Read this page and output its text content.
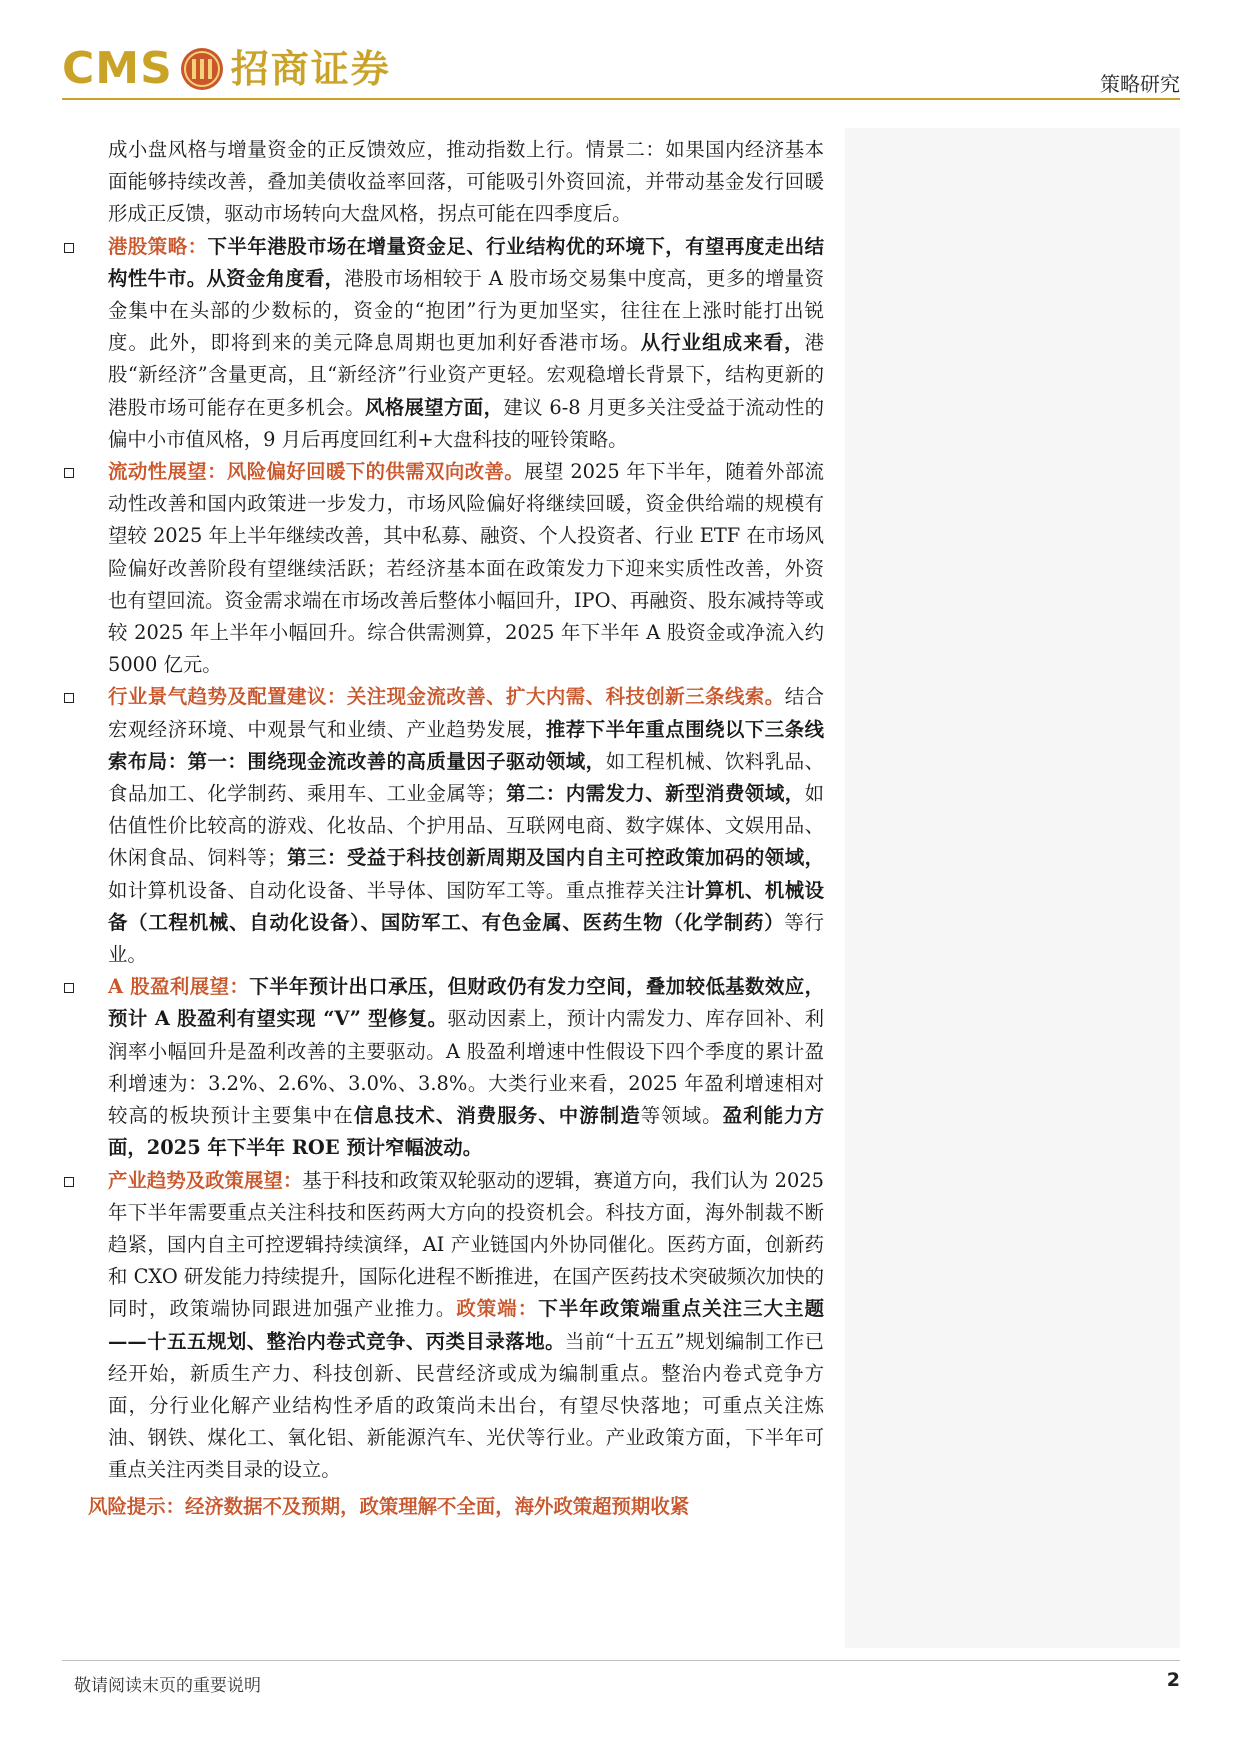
CMS 招商证券	策略研究

成小盘风格与增量资金的正反馈效应，推动指数上行。情景二：如果国内经济基本面能够持续改善，叠加美债收益率回落，可能吸引外资回流，并带动基金发行回暖形成正反馈，驱动市场转向大盘风格，拐点可能在四季度后。

港股策略：下半年港股市场在增量资金足、行业结构优的环境下，有望再度走出结构性牛市。从资金角度看，港股市场相较于 A 股市场交易集中度高，更多的增量资金集中在头部的少数标的，资金的“抱团”行为更加坚实，往往在上涨时能打出锐度。此外，即将到来的美元降息周期也更加利好香港市场。从行业组成来看，港股“新经济”含量更高，且“新经济”行业资产更轻。宏观稳增长背景下，结构更新的港股市场可能存在更多机会。风格展望方面，建议 6-8 月更多关注受益于流动性的偏中小市值风格，9 月后再度回红利+大盘科技的哑铃策略。

流动性展望：风险偏好回暖下的供需双向改善。展望 2025 年下半年，随着外部流动性改善和国内政策进一步发力，市场风险偏好将继续回暖，资金供给端的规模有望较 2025 年上半年继续改善，其中私募、融资、个人投资者、行业 ETF 在市场风险偏好改善阶段有望继续活跃；若经济基本面在政策发力下迎来实质性改善，外资也有望回流。资金需求端在市场改善后整体小幅回升，IPO、再融资、股东减持等或较 2025 年上半年小幅回升。综合供需测算，2025 年下半年 A 股资金或净流入约 5000 亿元。

行业景气趋势及配置建议：关注现金流改善、扩大内需、科技创新三条线索。结合宏观经济环境、中观景气和业绩、产业趋势发展，推荐下半年重点围绕以下三条线索布局：第一：围绕现金流改善的高质量因子驱动领域，如工程机械、饮料乳品、食品加工、化学制药、乘用车、工业金属等；第二：内需发力、新型消费领域，如估值性价比较高的游戏、化妆品、个护用品、互联网电商、数字媒体、文娱用品、休闲食品、饲料等；第三：受益于科技创新周期及国内自主可控政策加码的领域，如计算机设备、自动化设备、半导体、国防军工等。重点推荐关注计算机、机械设备（工程机械、自动化设备）、国防军工、有色金属、医药生物（化学制药）等行业。

A 股盈利展望：下半年预计出口承压，但财政仍有发力空间，叠加较低基数效应，预计 A 股盈利有望实现 “V” 型修复。驱动因素上，预计内需发力、库存回补、利润率小幅回升是盈利改善的主要驱动。A 股盈利增速中性假设下四个季度的累计盈利增速为：3.2%、2.6%、3.0%、3.8%。大类行业来看，2025 年盈利增速相对较高的板块预计主要集中在信息技术、消费服务、中游制造等领域。盈利能力方面，2025 年下半年 ROE 预计窄幅波动。

产业趋势及政策展望：基于科技和政策双轮驱动的逻辑，赛道方向，我们认为 2025 年下半年需要重点关注科技和医药两大方向的投资机会。科技方面，海外制裁不断趋紧，国内自主可控逻辑持续演绎，AI 产业链国内外协同催化。医药方面，创新药和 CXO 研发能力持续提升，国际化进程不断推进，在国产医药技术突破频次加快的同时，政策端协同跟进加强产业推力。政策端：下半年政策端重点关注三大主题——十五五规划、整治内卷式竞争、丙类目录落地。当前“十五五”规划编制工作已经开始，新质生产力、科技创新、民营经济或成为编制重点。整治内卷式竞争方面，分行业化解产业结构性矛盾的政策尚未出台，有望尽快落地；可重点关注炼油、钢铁、煤化工、氧化铝、新能源汽车、光伏等行业。产业政策方面，下半年可重点关注丙类目录的设立。

风险提示：经济数据不及预期，政策理解不全面，海外政策超预期收紧
敬请阅读末页的重要说明	2
